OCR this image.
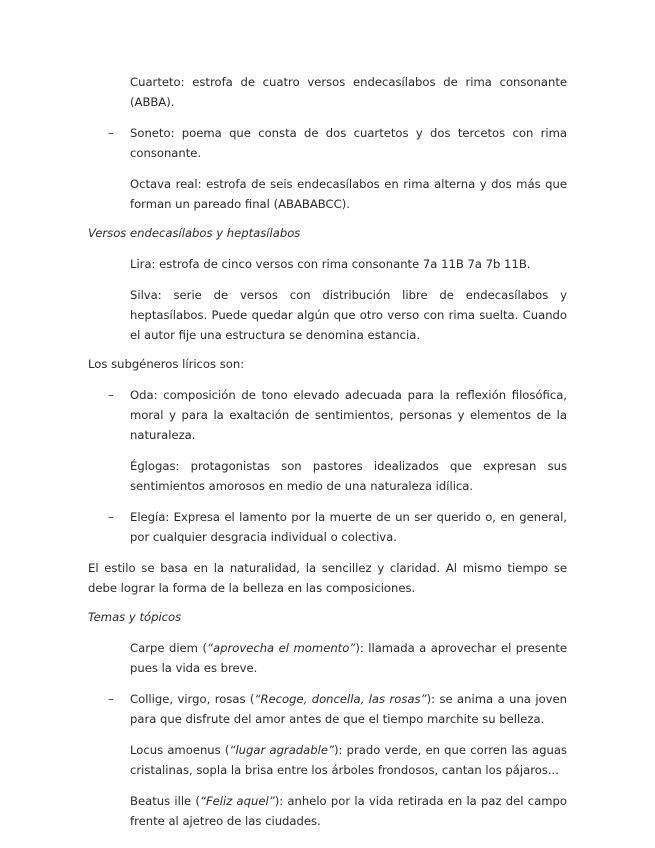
Cuarteto: estrofa de cuatro versos endecasílabos de rima consonante (ABBA).

– Soneto: poema que consta de dos cuartetos y dos tercetos con rima consonante.

Octava real: estrofa de seis endecasílabos en rima alterna y dos más que forman un pareado final (ABABABCC).

Versos endecasílabos y heptasílabos

Lira: estrofa de cinco versos con rima consonante 7a 11B 7a 7b 11B.

Silva: serie de versos con distribución libre de endecasílabos y heptasílabos. Puede quedar algún que otro verso con rima suelta. Cuando el autor fije una estructura se denomina estancia.

Los subgéneros líricos son:

– Oda: composición de tono elevado adecuada para la reflexión filosófica, moral y para la exaltación de sentimientos, personas y elementos de la naturaleza.

Églogas: protagonistas son pastores idealizados que expresan sus sentimientos amorosos en medio de una naturaleza idílica.

– Elegía: Expresa el lamento por la muerte de un ser querido o, en general, por cualquier desgracia individual o colectiva.

El estilo se basa en la naturalidad, la sencillez y claridad. Al mismo tiempo se debe lograr la forma de la belleza en las composiciones.

Temas y tópicos

Carpe diem (“aprovecha el momento”): llamada a aprovechar el presente pues la vida es breve.

– Collige, virgo, rosas (“Recoge, doncella, las rosas”): se anima a una joven para que disfrute del amor antes de que el tiempo marchite su belleza.

Locus amoenus (“lugar agradable”): prado verde, en que corren las aguas cristalinas, sopla la brisa entre los árboles frondosos, cantan los pájaros...

Beatus ille (“Feliz aquel”): anhelo por la vida retirada en la paz del campo frente al ajetreo de las ciudades.
